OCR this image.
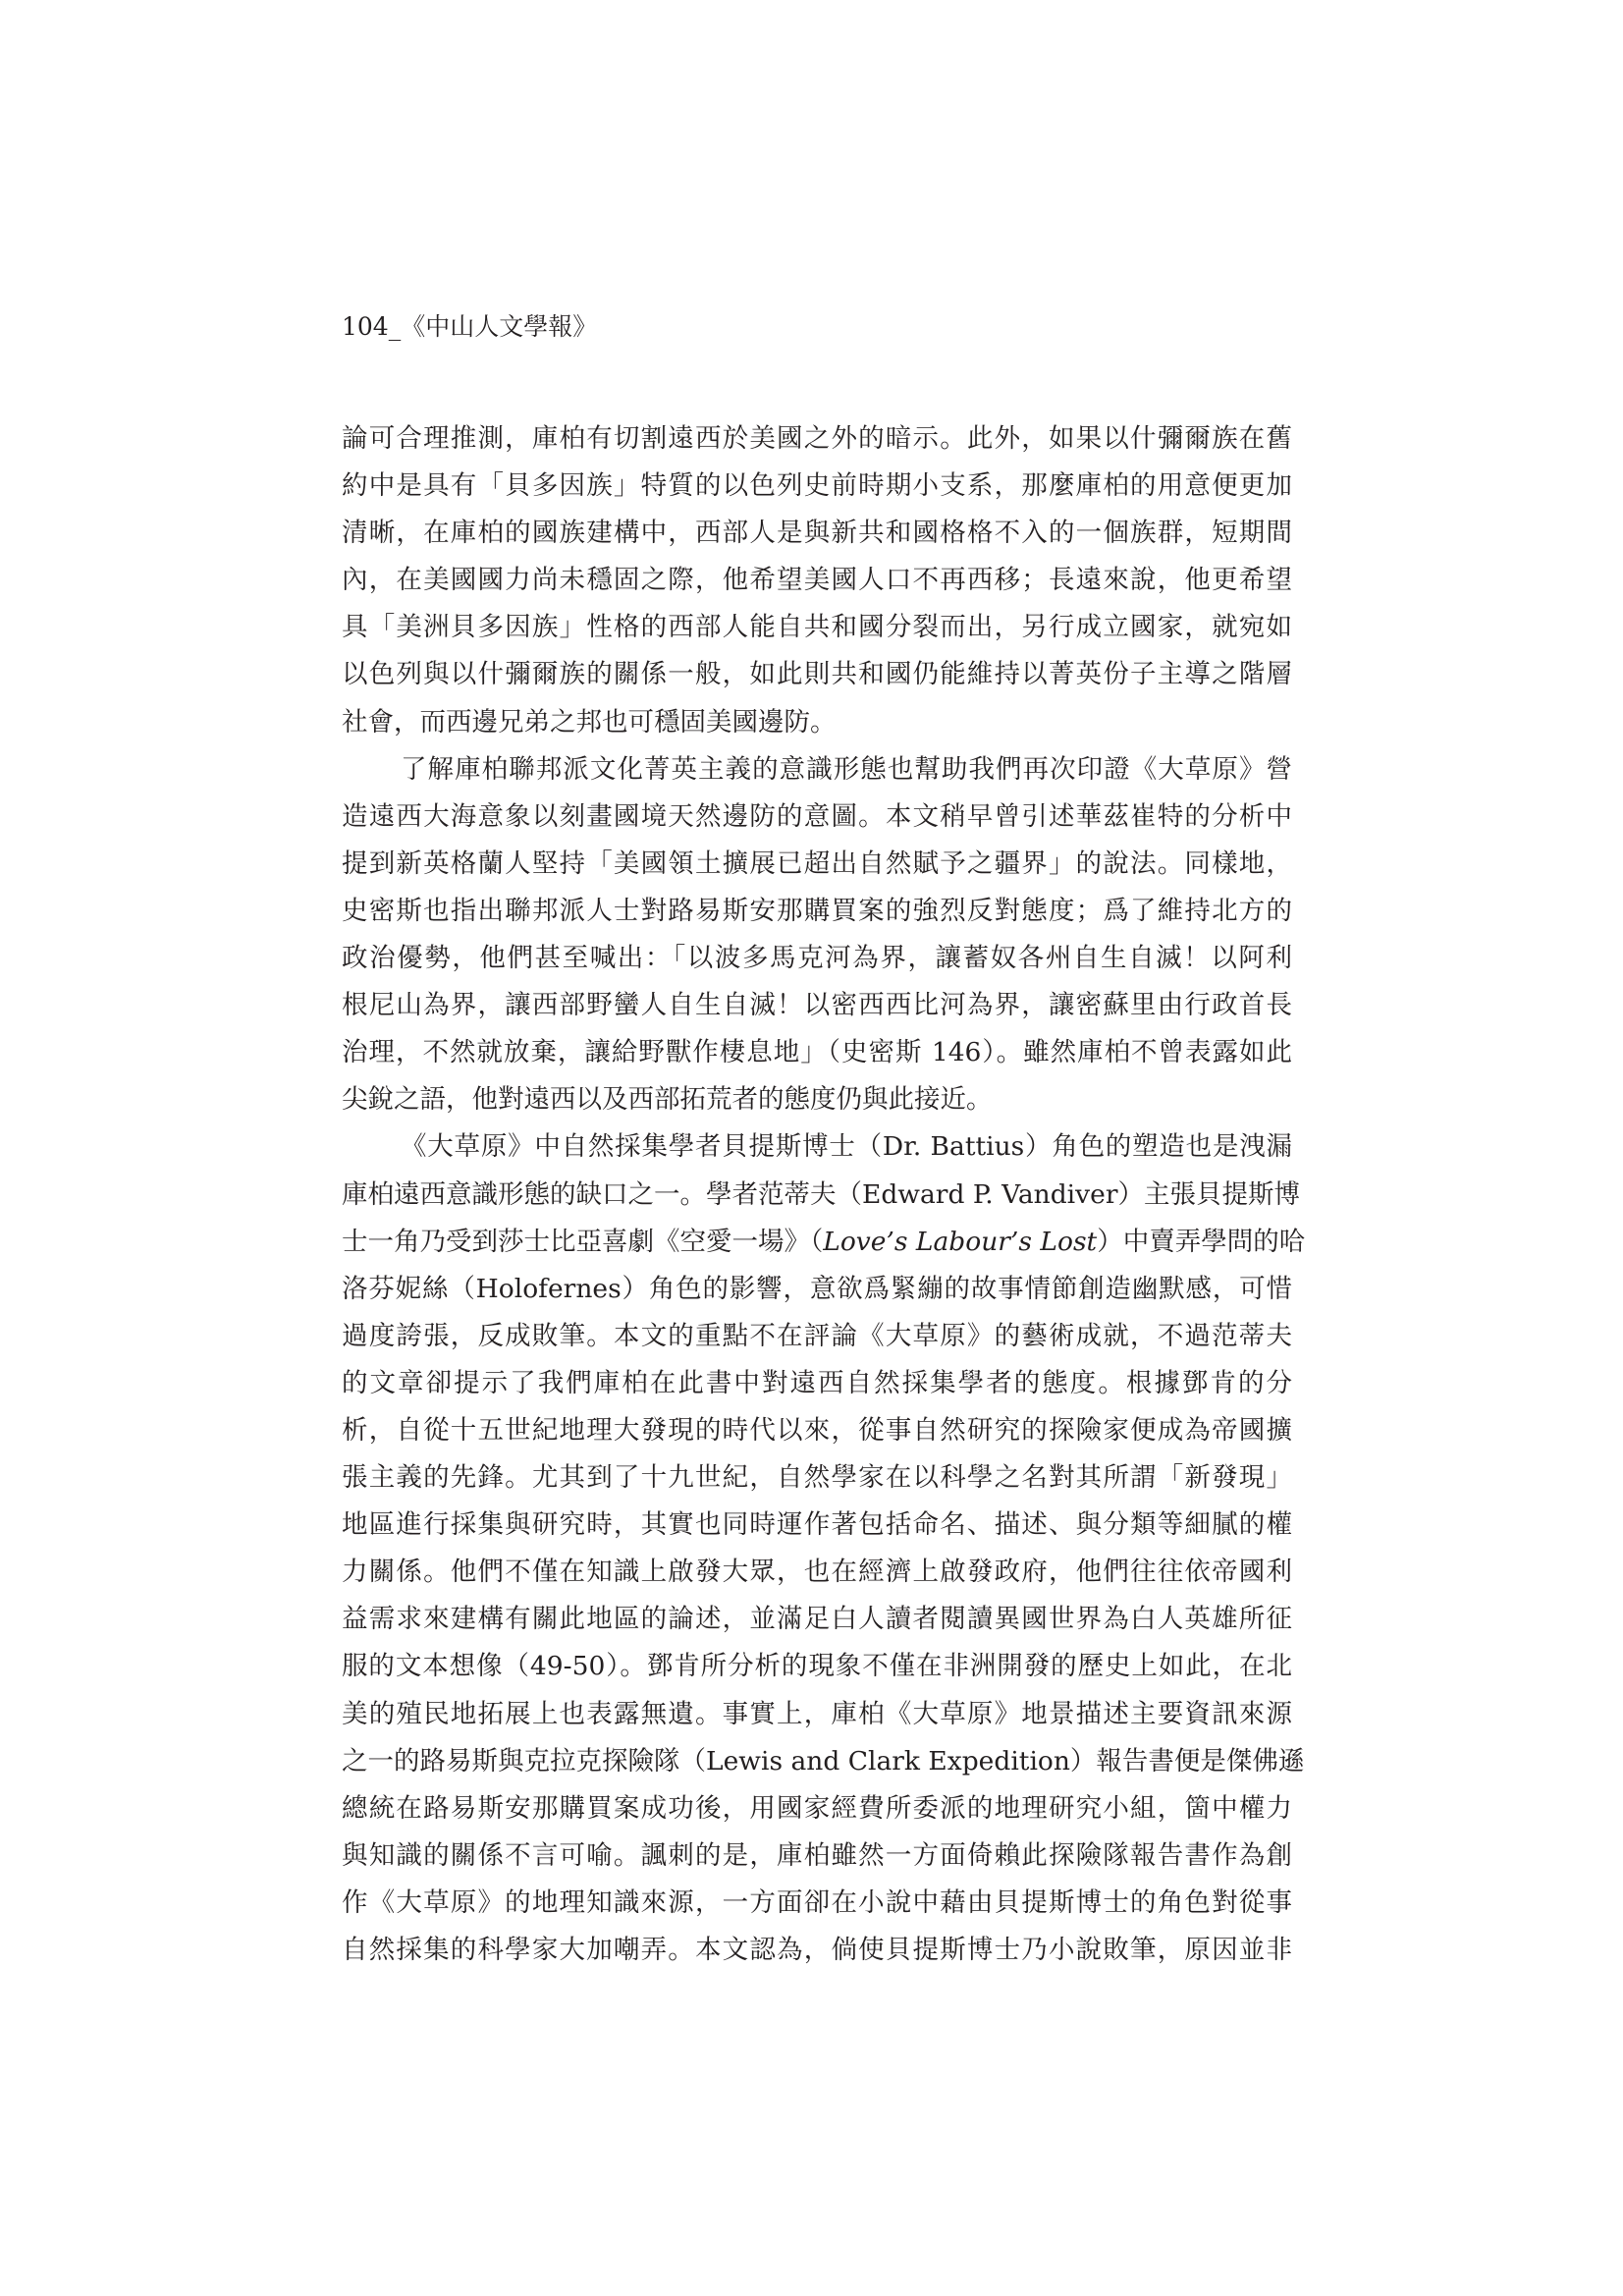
104_《中山人文學報》
論可合理推測，庫柏有切割遠西於美國之外的暗示。此外，如果以什彌爾族在舊
約中是具有「貝多因族」特質的以色列史前時期小支系，那麼庫柏的用意便更加
清晰，在庫柏的國族建構中，西部人是與新共和國格格不入的一個族群，短期間
內，在美國國力尚未穩固之際，他希望美國人口不再西移；長遠來說，他更希望
具「美洲貝多因族」性格的西部人能自共和國分裂而出，另行成立國家，就宛如
以色列與以什彌爾族的關係一般，如此則共和國仍能維持以菁英份子主導之階層
社會，而西邊兄弟之邦也可穩固美國邊防。
了解庫柏聯邦派文化菁英主義的意識形態也幫助我們再次印證《大草原》營
造遠西大海意象以刻畫國境天然邊防的意圖。本文稍早曾引述華茲崔特的分析中
提到新英格蘭人堅持「美國領土擴展已超出自然賦予之疆界」的說法。同樣地，
史密斯也指出聯邦派人士對路易斯安那購買案的強烈反對態度；爲了維持北方的
政治優勢，他們甚至喊出：「以波多馬克河為界，讓蓄奴各州自生自滅！以阿利
根尼山為界，讓西部野蠻人自生自滅！以密西西比河為界，讓密蘇里由行政首長
治理，不然就放棄，讓給野獸作棲息地」（史密斯 146）。雖然庫柏不曾表露如此
尖銳之語，他對遠西以及西部拓荒者的態度仍與此接近。
《大草原》中自然採集學者貝提斯博士（Dr. Battius）角色的塑造也是洩漏
庫柏遠西意識形態的缺口之一。學者范蒂夫（Edward P. Vandiver）主張貝提斯博
士一角乃受到莎士比亞喜劇《空愛一場》（Love’s Labour’s Lost）中賣弄學問的哈
洛芬妮絲（Holofernes）角色的影響，意欲爲緊繃的故事情節創造幽默感，可惜
過度誇張，反成敗筆。本文的重點不在評論《大草原》的藝術成就，不過范蒂夫
的文章卻提示了我們庫柏在此書中對遠西自然採集學者的態度。根據鄧肯的分
析，自從十五世紀地理大發現的時代以來，從事自然研究的探險家便成為帝國擴
張主義的先鋒。尤其到了十九世紀，自然學家在以科學之名對其所謂「新發現」
地區進行採集與研究時，其實也同時運作著包括命名、描述、與分類等細膩的權
力關係。他們不僅在知識上啟發大眾，也在經濟上啟發政府，他們往往依帝國利
益需求來建構有關此地區的論述，並滿足白人讀者閱讀異國世界為白人英雄所征
服的文本想像（49-50）。鄧肯所分析的現象不僅在非洲開發的歷史上如此，在北
美的殖民地拓展上也表露無遺。事實上，庫柏《大草原》地景描述主要資訊來源
之一的路易斯與克拉克探險隊（Lewis and Clark Expedition）報告書便是傑佛遜
總統在路易斯安那購買案成功後，用國家經費所委派的地理研究小組，箇中權力
與知識的關係不言可喻。諷刺的是，庫柏雖然一方面倚賴此探險隊報告書作為創
作《大草原》的地理知識來源，一方面卻在小說中藉由貝提斯博士的角色對從事
自然採集的科學家大加嘲弄。本文認為，倘使貝提斯博士乃小說敗筆，原因並非
